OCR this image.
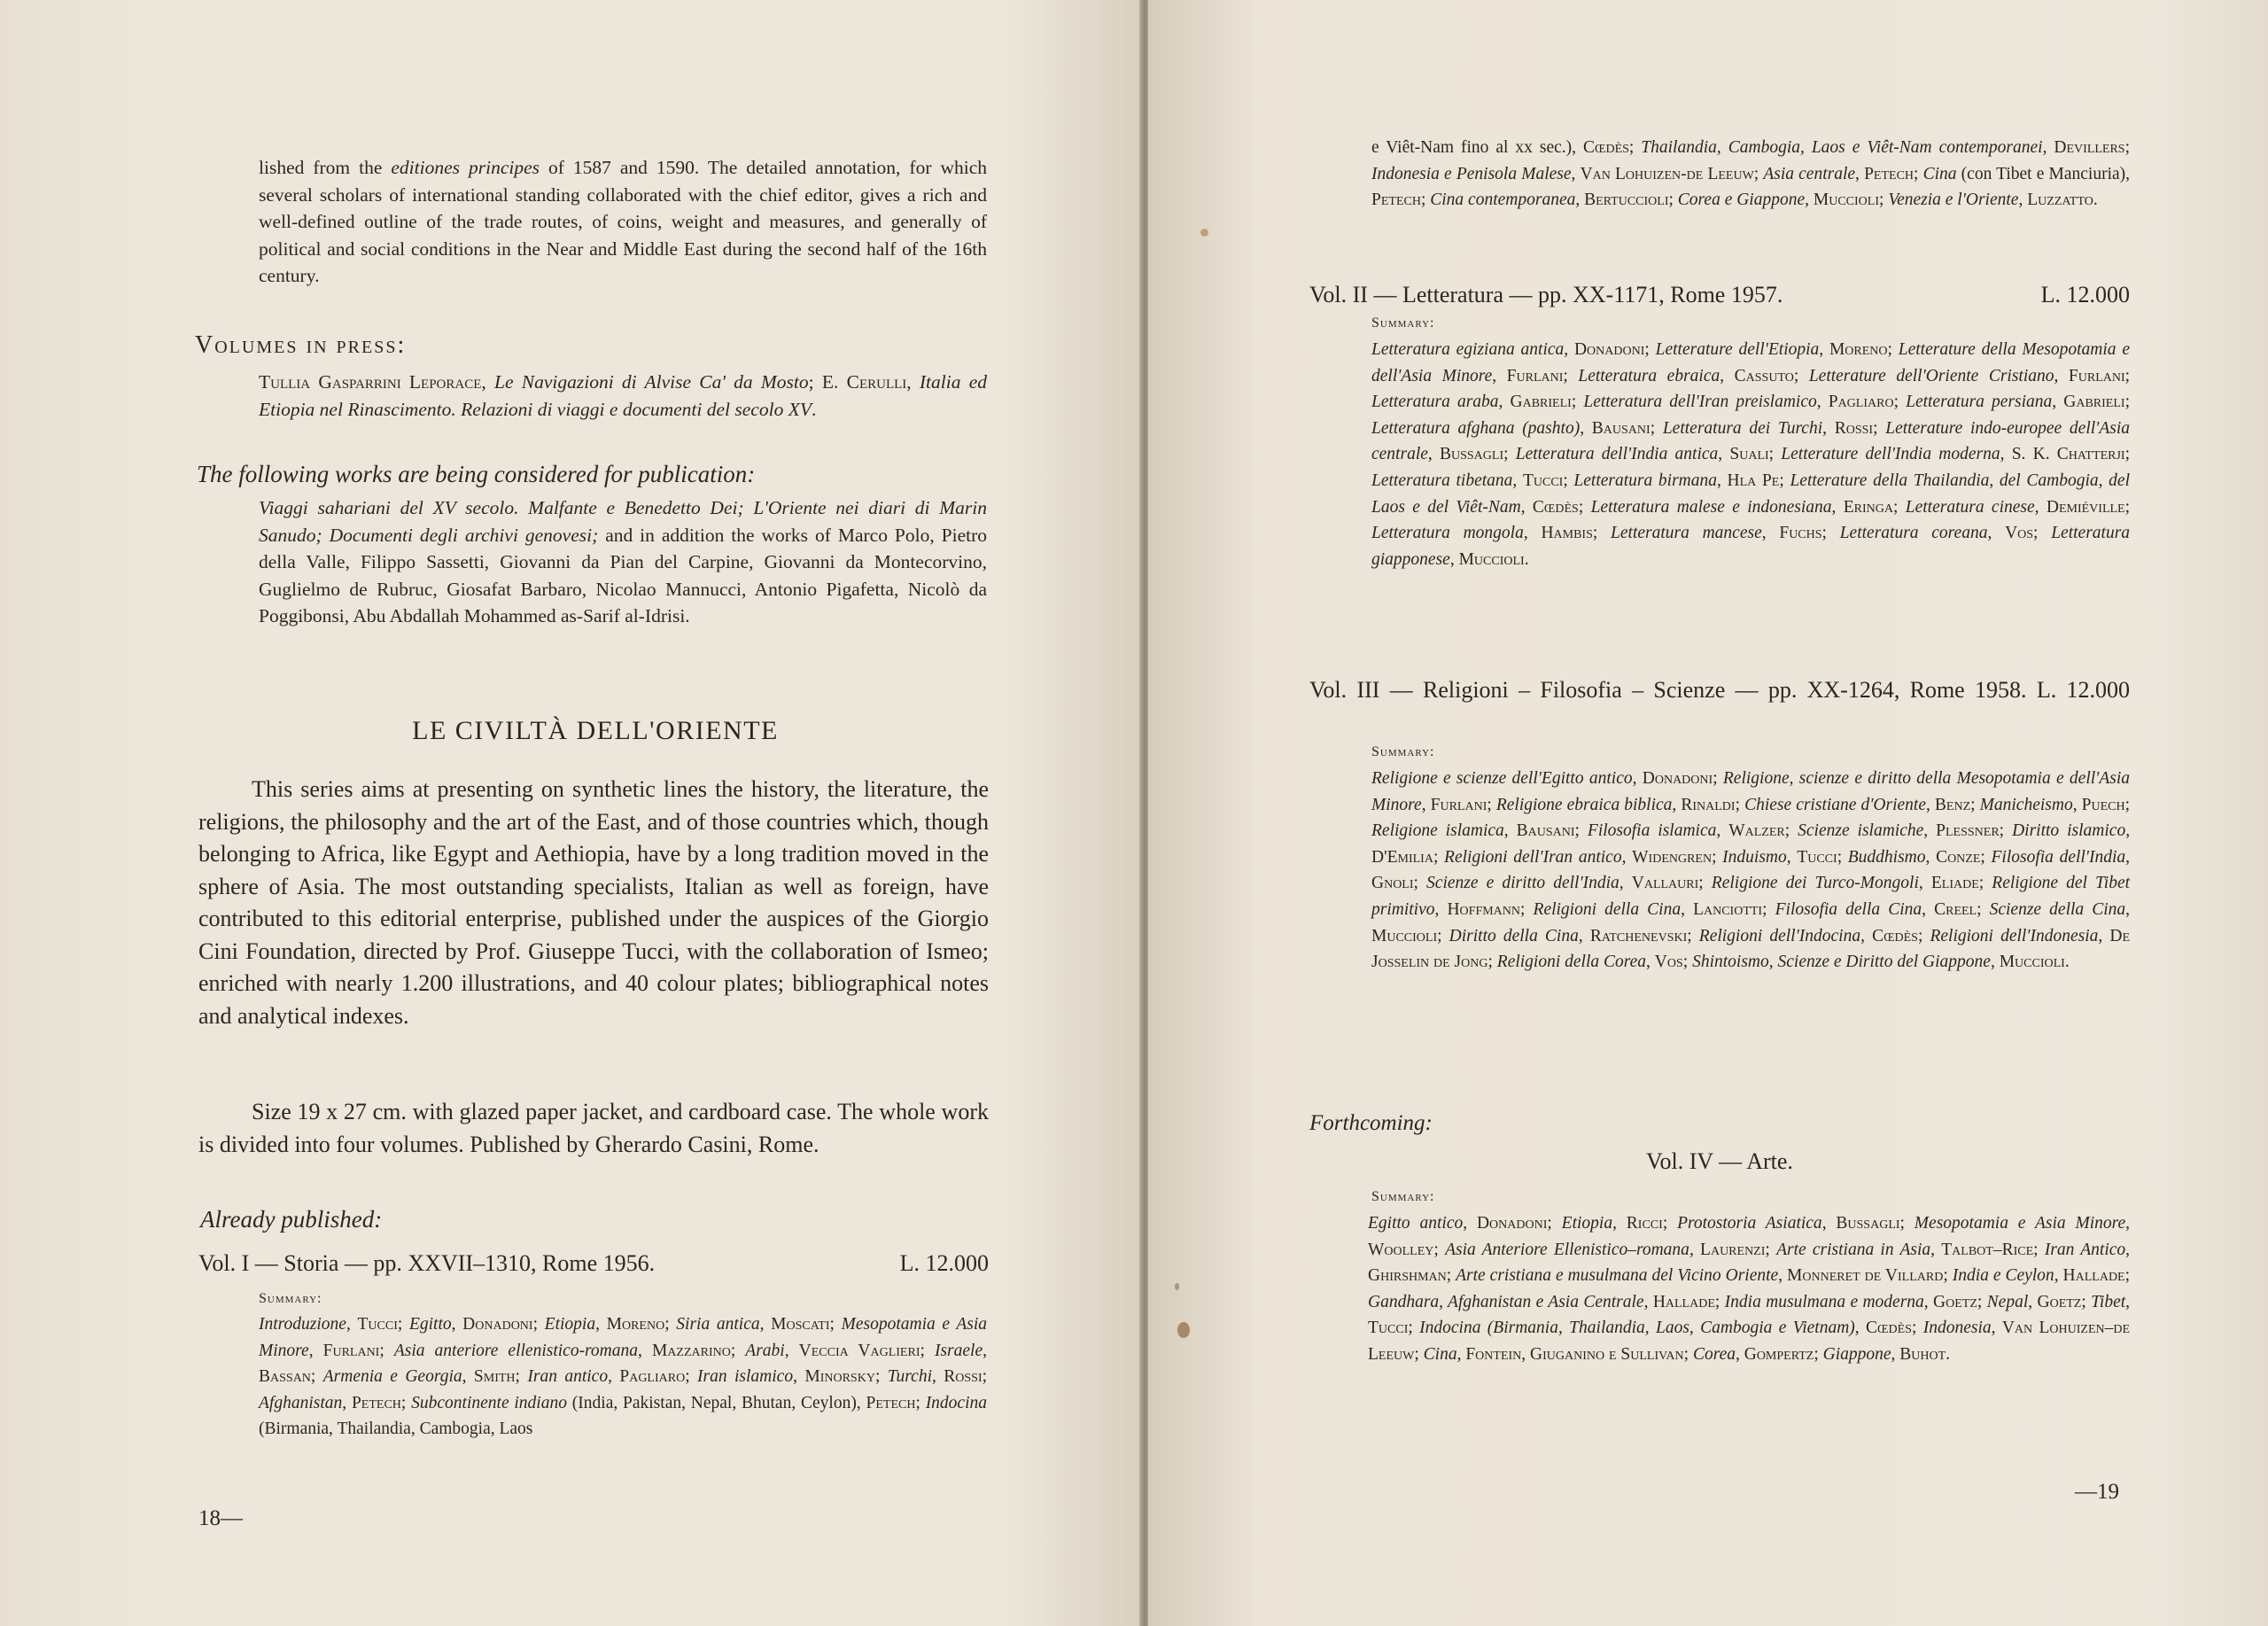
lished from the editiones principes of 1587 and 1590. The detailed annotation, for which several scholars of international standing collaborated with the chief editor, gives a rich and well-defined outline of the trade routes, of coins, weight and measures, and generally of political and social conditions in the Near and Middle East during the second half of the 16th century.
Volumes in press:
Tullia Gasparrini Leporace, Le Navigazioni di Alvise Ca' da Mosto; E. Cerulli, Italia ed Etiopia nel Rinascimento. Relazioni di viaggi e documenti del secolo XV.
The following works are being considered for publication:
Viaggi sahariani del XV secolo. Malfante e Benedetto Dei; L'Oriente nei diari di Marin Sanudo; Documenti degli archivi genovesi; and in addition the works of Marco Polo, Pietro della Valle, Filippo Sassetti, Giovanni da Pian del Carpine, Giovanni da Montecorvino, Guglielmo de Rubruc, Giosafat Barbaro, Nicolao Mannucci, Antonio Pigafetta, Nicolò da Poggibonsi, Abu Abdallah Mohammed as-Sarif al-Idrisi.
LE CIVILTÀ DELL'ORIENTE
This series aims at presenting on synthetic lines the history, the literature, the religions, the philosophy and the art of the East, and of those countries which, though belonging to Africa, like Egypt and Aethiopia, have by a long tradition moved in the sphere of Asia. The most outstanding specialists, Italian as well as foreign, have contributed to this editorial enterprise, published under the auspices of the Giorgio Cini Foundation, directed by Prof. Giuseppe Tucci, with the collaboration of Ismeo; enriched with nearly 1.200 illustrations, and 40 colour plates; bibliographical notes and analytical indexes.
Size 19 x 27 cm. with glazed paper jacket, and cardboard case. The whole work is divided into four volumes. Published by Gherardo Casini, Rome.
Already published:
Vol. I — Storia — pp. XXVII–1310, Rome 1956.	L. 12.000
Summary:
Introduzione, Tucci; Egitto, Donadoni; Etiopia, Moreno; Siria antica, Moscati; Mesopotamia e Asia Minore, Furlani; Asia anteriore ellenistico-romana, Mazzarino; Arabi, Veccia Vaglieri; Israele, Bassan; Armenia e Georgia, Smith; Iran antico, Pagliaro; Iran islamico, Minorsky; Turchi, Rossi; Afghanistan, Petech; Subcontinente indiano (India, Pakistan, Nepal, Bhutan, Ceylon), Petech; Indocina (Birmania, Thailandia, Cambogia, Laos
18—
e Viêt-Nam fino al xx sec.), Cœdès; Thailandia, Cambogia, Laos e Viêt-Nam contemporanei, Devillers; Indonesia e Penisola Malese, Van Lohuizen-de Leeuw; Asia centrale, Petech; Cina (con Tibet e Manciuria), Petech; Cina contemporanea, Bertuccioli; Corea e Giappone, Muccioli; Venezia e l'Oriente, Luzzatto.
Vol. II — Letteratura — pp. XX-1171, Rome 1957.	L. 12.000
Summary:
Letteratura egiziana antica, Donadoni; Letterature dell'Etiopia, Moreno; Letterature della Mesopotamia e dell'Asia Minore, Furlani; Letteratura ebraica, Cassuto; Letterature dell'Oriente Cristiano, Furlani; Letteratura araba, Gabrieli; Letteratura dell'Iran preislamico, Pagliaro; Letteratura persiana, Gabrieli; Letteratura afghana (pashto), Bausani; Letteratura dei Turchi, Rossi; Letterature indo-europee dell'Asia centrale, Bussagli; Letteratura dell'India antica, Suali; Letterature dell'India moderna, S. K. Chatterji; Letteratura tibetana, Tucci; Letteratura birmana, Hla Pe; Letterature della Thailandia, del Cambogia, del Laos e del Viêt-Nam, Cœdès; Letteratura malese e indonesiana, Eringa; Letteratura cinese, Demiéville; Letteratura mongola, Hambis; Letteratura mancese, Fuchs; Letteratura coreana, Vos; Letteratura giapponese, Muccioli.
Vol. III — Religioni – Filosofia – Scienze — pp. XX-1264, Rome 1958. L. 12.000
Summary:
Religione e scienze dell'Egitto antico, Donadoni; Religione, scienze e diritto della Mesopotamia e dell'Asia Minore, Furlani; Religione ebraica biblica, Rinaldi; Chiese cristiane d'Oriente, Benz; Manicheismo, Puech; Religione islamica, Bausani; Filosofia islamica, Walzer; Scienze islamiche, Plessner; Diritto islamico, D'Emilia; Religioni dell'Iran antico, Widengren; Induismo, Tucci; Buddhismo, Conze; Filosofia dell'India, Gnoli; Scienze e diritto dell'India, Vallauri; Religione dei Turco-Mongoli, Eliade; Religione del Tibet primitivo, Hoffmann; Religioni della Cina, Lanciotti; Filosofia della Cina, Creel; Scienze della Cina, Muccioli; Diritto della Cina, Ratchenevski; Religioni dell'Indocina, Cœdès; Religioni dell'Indonesia, De Josselin de Jong; Religioni della Corea, Vos; Shintoismo, Scienze e Diritto del Giappone, Muccioli.
Forthcoming:
Vol. IV — Arte.
Summary:
Egitto antico, Donadoni; Etiopia, Ricci; Protostoria Asiatica, Bussagli; Mesopotamia e Asia Minore, Woolley; Asia Anteriore Ellenistico–romana, Laurenzi; Arte cristiana in Asia, Talbot–Rice; Iran Antico, Ghirshman; Arte cristiana e musulmana del Vicino Oriente, Monneret de Villard; India e Ceylon, Hallade; Gandhara, Afghanistan e Asia Centrale, Hallade; India musulmana e moderna, Goetz; Nepal, Goetz; Tibet, Tucci; Indocina (Birmania, Thailandia, Laos, Cambogia e Vietnam), Cœdès; Indonesia, Van Lohuizen–de Leeuw; Cina, Fontein, Giuganino e Sullivan; Corea, Gompertz; Giappone, Buhot.
—19
